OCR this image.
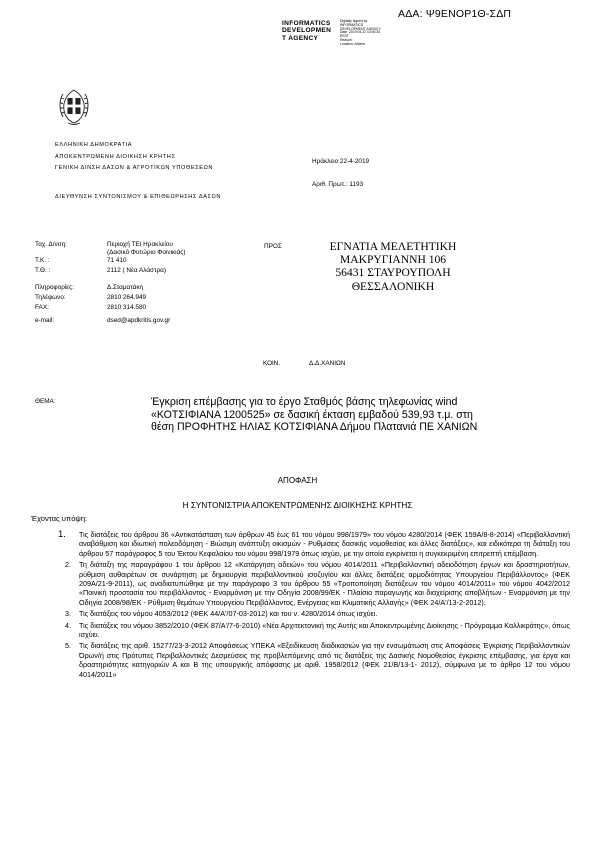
ΑΔΑ: Ψ9ΕΝΟΡ1Θ-ΣΔΠ
INFORMATICS
DEVELOPMEN
T AGENCY
Digitally signed by
INFORMATICS
DEVELOPMENT AGENCY
Date: 2019.04.22 13:00:34
EEST
Reason:
Location: Athens
ΕΛΛΗΝΙΚΗ ΔΗΜΟΚΡΑΤΙΑ
ΑΠΟΚΕΝΤΡΩΜΕΝΗ ΔΙΟΙΚΗΣΗ ΚΡΗΤΗΣ
ΓΕΝΙΚΗ ΔΙΝΣΗ ΔΑΣΩΝ & ΑΓΡΟΤΙΚΩΝ ΥΠΟΘΕΣΕΩΝ
ΔΙΕΥΘΥΝΣΗ ΣΥΝΤΟΝΙΣΜΟΥ & ΕΠΙΘΕΩΡΗΣΗΣ ΔΑΣΩΝ
Ηράκλειο 22-4-2019
Αριθ. Πρωτ.: 1193
Ταχ. Δ/νση:	Περιοχή ΤΕΙ Ηρακλείου
(Δασικό Φυτώριο Φοινικιάς)
Τ.Κ. :	71 410
Τ.Θ. :	2112 ( Νέα Αλάστρα)
Πληροφορίες:	Δ.Σταματάκη
Τηλέφωνο:	2810 264.949
FAX:	2810 314.580
e-mail:	dsed@apdkritis.gov.gr
ΠΡΟΣ	ΕΓΝΑΤΙΑ ΜΕΛΕΤΗΤΙΚΗ
ΜΑΚΡΥΓΙΑΝΝΗ 106
56431 ΣΤΑΥΡΟΥΠΟΛΗ
ΘΕΣΣΑΛΟΝΙΚΗ
ΚΟΙΝ.	Δ.Δ.ΧΑΝΙΩΝ
ΘΕΜΑ:	Έγκριση επέμβασης για το έργο Σταθμός βάσης τηλεφωνίας wind
«ΚΟΤΣΙΦΙΑΝΑ 1200525» σε δασική έκταση εμβαδού 539,93 τ.μ. στη
θέση ΠΡΟΦΗΤΗΣ ΗΛΙΑΣ ΚΟΤΣΙΦΙΑΝΑ Δήμου Πλατανιά ΠΕ ΧΑΝΙΩΝ
ΑΠΟΦΑΣΗ
Η ΣΥΝΤΟΝΙΣΤΡΙΑ ΑΠΟΚΕΝΤΡΩΜΕΝΗΣ ΔΙΟΙΚΗΣΗΣ ΚΡΗΤΗΣ
Έχοντας υπόψη:
1. Τις διατάξεις του άρθρου 36 «Αντικατάσταση των άρθρων 45 έως 61 του νόμου 998/1979» του νόμου 4280/2014 (ΦΕΚ 159Α/8-8-2014) «Περιβαλλοντική αναβάθμιση και ιδιωτική πολεοδόμηση - Βιώσιμη ανάπτυξη οικισμών - Ρυθμίσεις δασικής νομοθεσίας και άλλες διατάξεις», και ειδικότερα τη διάταξη του άρθρου 57 παράγραφος 5 του Έκτου Κεφαλαίου του νόμου 998/1979 όπως ισχύει, με την οποία εγκρίνεται η συγκεκριμένη επιτρεπτή επέμβαση.
2. Τη διάταξη της παραγράφου 1 του άρθρου 12 «Κατάργηση αδειών» του νόμου 4014/2011 «Περιβαλλοντική αδειοδότηση έργων και δραστηριοτήτων, ρύθμιση αυθαιρέτων σε συνάρτηση με δημιουργία περιβαλλοντικού ισοζυγίου και άλλες διατάξεις αρμοδιότητας Υπουργείου Περιβάλλοντος» (ΦΕΚ 209Α/21-9-2011), ως αναδιατυπώθηκε με την παράγραφο 3 του άρθρου 55 «Τροποποίηση διατάξεων του νόμου 4014/2011» του νόμου 4042/2012 «Ποινική προστασία του περιβάλλοντος - Εναρμόνιση με την Οδηγία 2008/99/ΕΚ - Πλαίσιο παραγωγής και διαχείρισης αποβλήτων - Εναρμόνιση με την Οδηγία 2008/98/ΕΚ - Ρύθμιση θεμάτων Υπουργείου Περιβάλλοντος, Ενέργειας και Κλιματικής Αλλαγής» (ΦΕΚ 24/Α'/13-2-2012).
3. Τις διατάξεις του νόμου 4053/2012 (ΦΕΚ 44/Α'/07-03-2012) και του ν. 4280/2014 όπως ισχύει.
4. Τις διατάξεις του νόμου 3852/2010 (ΦΕΚ 87/Α'/7-6-2010) «Νέα Αρχιτεκτονική της Αυτής και Αποκεντρωμένης Διοίκησης - Πρόγραμμα Καλλικράτης», όπως ισχύει.
5. Τις διατάξεις της αριθ. 15277/23-3-2012 Αποφάσεως ΥΠΕΚΑ «Εξειδίκευση διαδικασιών για την ενσωμάτωση στις Αποφάσεις Έγκρισης Περιβαλλοντικών Όρων/ή στις Πρότυπες Περιβαλλοντικές Δεσμεύσεις της προβλεπόμενης από τις διατάξεις της Δασικής Νομοθεσίας έγκρισης επέμβασης, για έργα και δραστηριότητες κατηγοριών Α και Β της υπουργικής απόφασης με αριθ. 1958/2012 (ΦΕΚ 21/Β/13-1- 2012), σύμφωνα με το άρθρο 12 του νόμου 4014/2011»
